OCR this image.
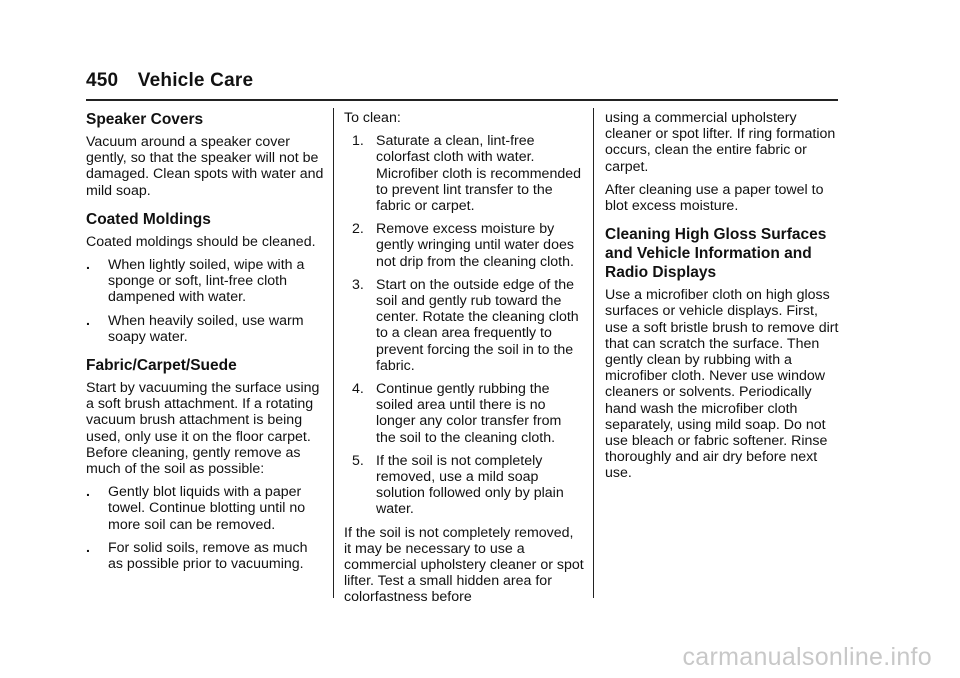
450 Vehicle Care
Speaker Covers

Vacuum around a speaker cover gently, so that the speaker will not be damaged. Clean spots with water and mild soap.

Coated Moldings

Coated moldings should be cleaned.

.	When lightly soiled, wipe with a sponge or soft, lint-free cloth dampened with water.
.	When heavily soiled, use warm soapy water.
Fabric/Carpet/Suede

Start by vacuuming the surface using a soft brush attachment. If a rotating vacuum brush attachment is being used, only use it on the floor carpet. Before cleaning, gently remove as much of the soil as possible:

.	Gently blot liquids with a paper towel. Continue blotting until no more soil can be removed.
.	For solid soils, remove as much as possible prior to vacuuming.

To clean:

1. Saturate a clean, lint-free colorfast cloth with water. Microfiber cloth is recommended to prevent lint transfer to the fabric or carpet.
2. Remove excess moisture by gently wringing until water does not drip from the cleaning cloth.
3. Start on the outside edge of the soil and gently rub toward the center. Rotate the cleaning cloth to a clean area frequently to prevent forcing the soil in to the fabric.
4. Continue gently rubbing the soiled area until there is no longer any color transfer from the soil to the cleaning cloth.
5. If the soil is not completely removed, use a mild soap solution followed only by plain water.

If the soil is not completely removed, it may be necessary to use a commercial upholstery cleaner or spot lifter. Test a small hidden area for colorfastness before

using a commercial upholstery cleaner or spot lifter. If ring formation occurs, clean the entire fabric or carpet.

After cleaning use a paper towel to blot excess moisture.

Cleaning High Gloss Surfaces and Vehicle Information and Radio Displays

Use a microfiber cloth on high gloss surfaces or vehicle displays. First, use a soft bristle brush to remove dirt that can scratch the surface. Then gently clean by rubbing with a microfiber cloth. Never use window cleaners or solvents. Periodically hand wash the microfiber cloth separately, using mild soap. Do not use bleach or fabric softener. Rinse thoroughly and air dry before next use.

carmanualsonline.info
